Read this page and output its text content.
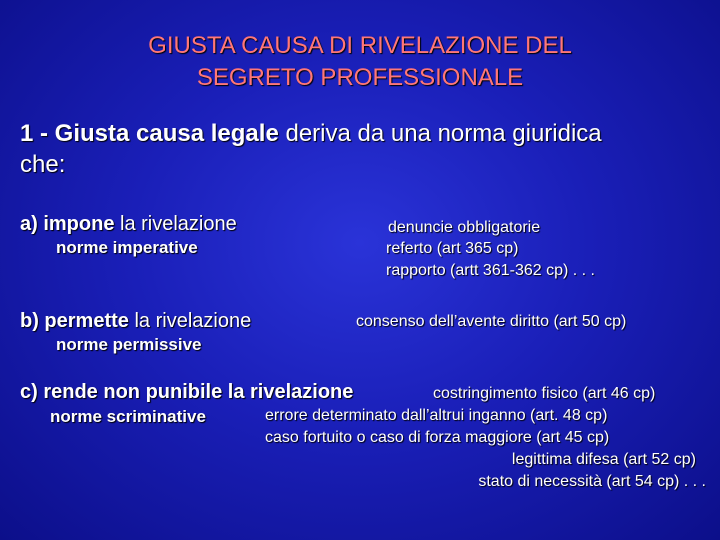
GIUSTA CAUSA DI RIVELAZIONE DEL
SEGRETO PROFESSIONALE
1 - Giusta causa legale deriva da una norma giuridica
che:
a) impone la rivelazione
norme imperative
denuncie obbligatorie
referto (art 365 cp)
rapporto (artt 361-362 cp) . . .
b) permette la rivelazione
norme permissive
consenso dell’avente diritto (art 50 cp)
c) rende non punibile la rivelazione
norme scriminative
costringimento fisico (art 46 cp)
errore determinato dall’altrui inganno (art. 48 cp)
caso fortuito o caso di forza maggiore (art 45 cp)
legittima difesa (art 52 cp)
stato di necessità (art 54 cp) . . .
